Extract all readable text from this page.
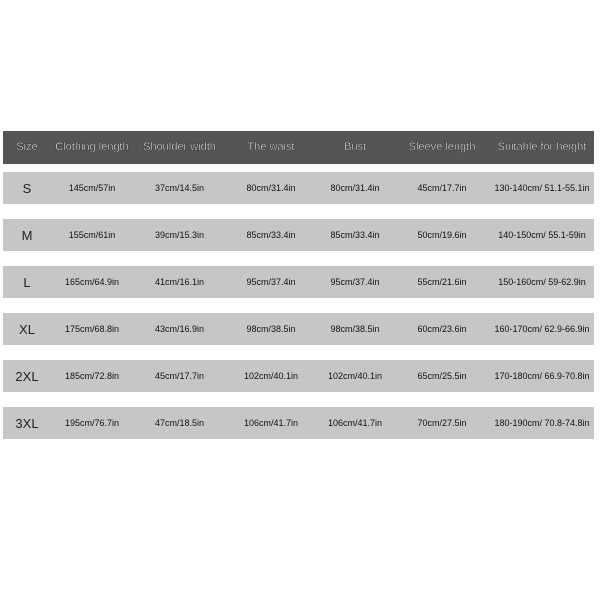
Size	Clothing length	Shoulder width	The waist	Bust	Sleeve length	Suitable for height
S	145cm/57in	37cm/14.5in	80cm/31.4in	80cm/31.4in	45cm/17.7in	130-140cm/ 51.1-55.1in
M	155cm/61in	39cm/15.3in	85cm/33.4in	85cm/33.4in	50cm/19.6in	140-150cm/ 55.1-59in
L	165cm/64.9in	41cm/16.1in	95cm/37.4in	95cm/37.4in	55cm/21.6in	150-160cm/ 59-62.9in
XL	175cm/68.8in	43cm/16.9in	98cm/38.5in	98cm/38.5in	60cm/23.6in	160-170cm/ 62.9-66.9in
2XL	185cm/72.8in	45cm/17.7in	102cm/40.1in	102cm/40.1in	65cm/25.5in	170-180cm/ 66.9-70.8in
3XL	195cm/76.7in	47cm/18.5in	106cm/41.7in	106cm/41.7in	70cm/27.5in	180-190cm/ 70.8-74.8in
